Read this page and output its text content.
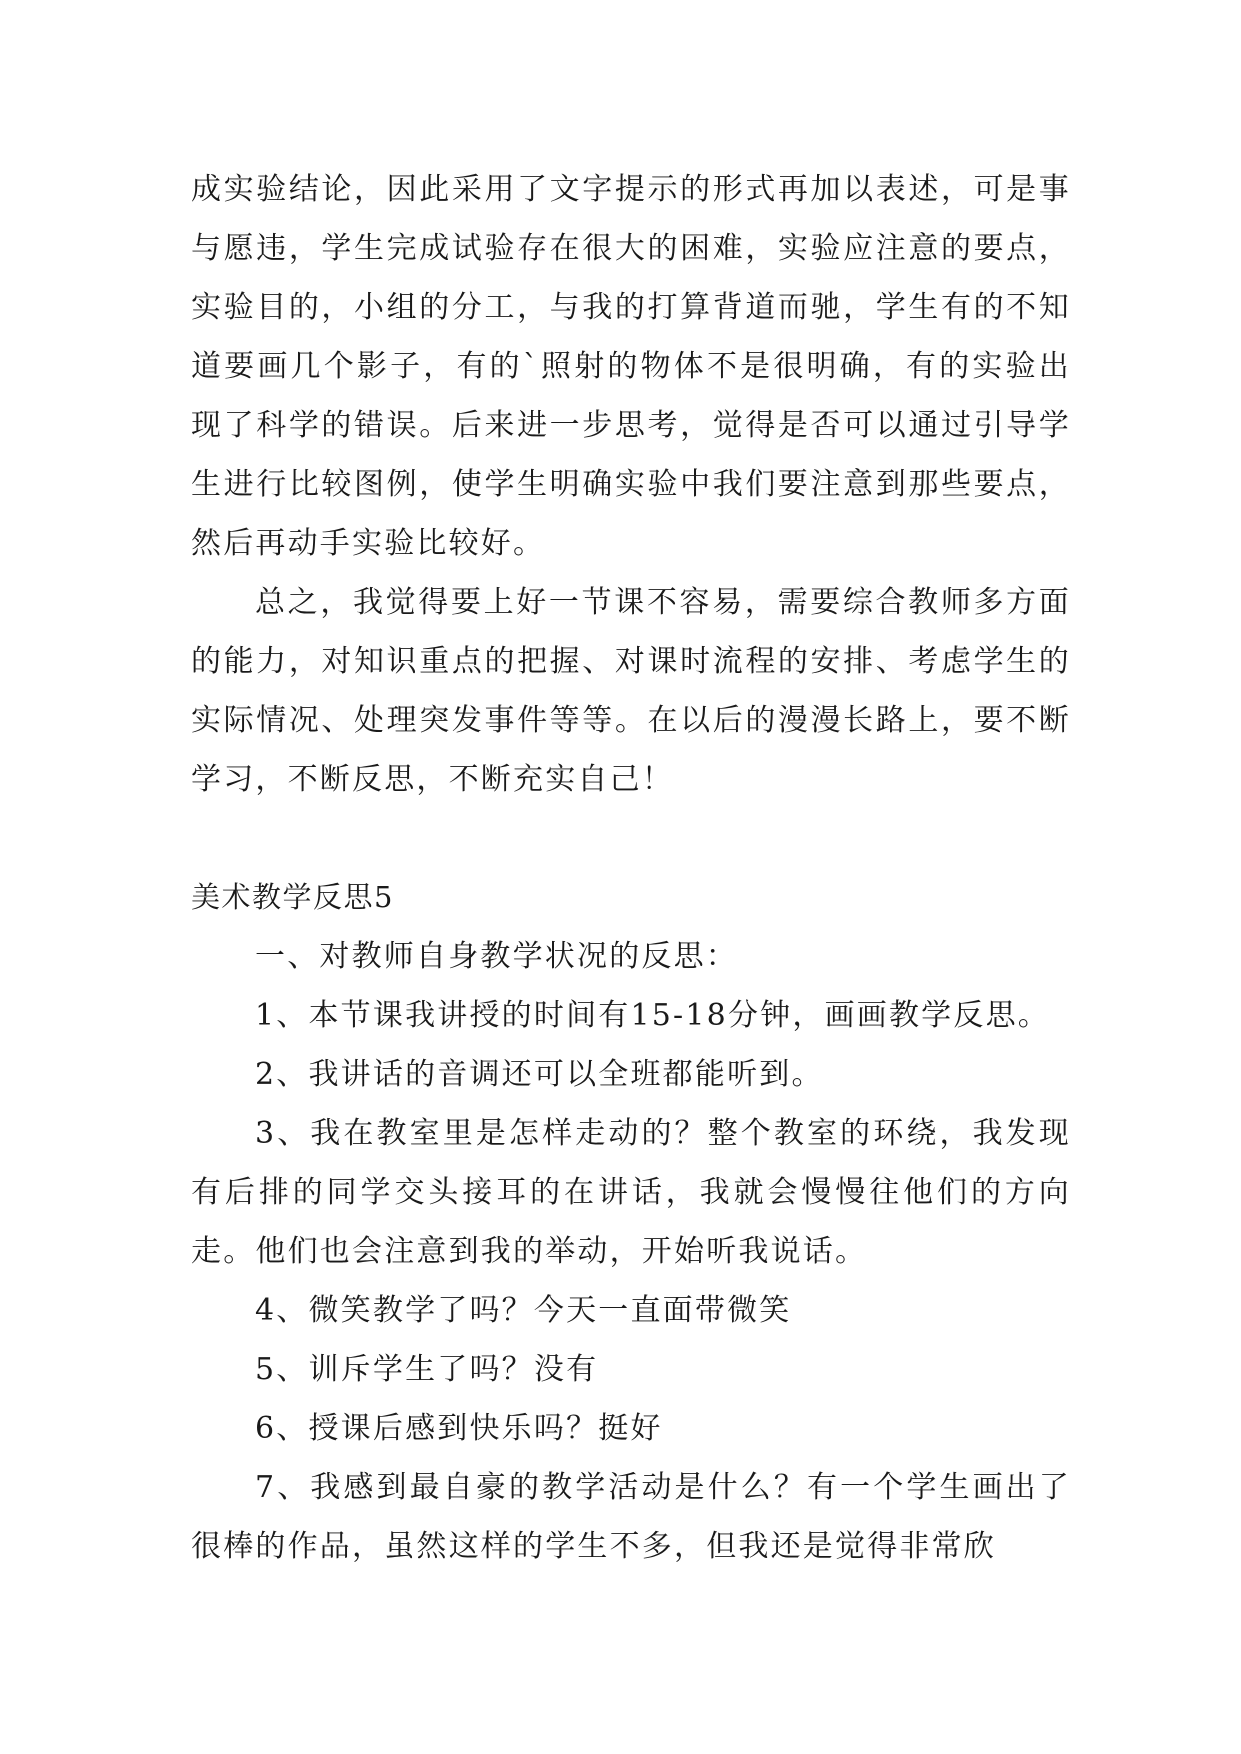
成实验结论，因此采用了文字提示的形式再加以表述，可是事与愿违，学生完成试验存在很大的困难，实验应注意的要点，实验目的，小组的分工，与我的打算背道而驰，学生有的不知道要画几个影子，有的`照射的物体不是很明确，有的实验出现了科学的错误。后来进一步思考，觉得是否可以通过引导学生进行比较图例，使学生明确实验中我们要注意到那些要点，然后再动手实验比较好。

总之，我觉得要上好一节课不容易，需要综合教师多方面的能力，对知识重点的把握、对课时流程的安排、考虑学生的实际情况、处理突发事件等等。在以后的漫漫长路上，要不断学习，不断反思，不断充实自己！

美术教学反思5

一、对教师自身教学状况的反思：

1、本节课我讲授的时间有15-18分钟，画画教学反思。

2、我讲话的音调还可以全班都能听到。

3、我在教室里是怎样走动的？整个教室的环绕，我发现有后排的同学交头接耳的在讲话，我就会慢慢往他们的方向走。他们也会注意到我的举动，开始听我说话。

4、微笑教学了吗？今天一直面带微笑

5、训斥学生了吗？没有

6、授课后感到快乐吗？挺好

7、我感到最自豪的教学活动是什么？有一个学生画出了很棒的作品，虽然这样的学生不多，但我还是觉得非常欣
